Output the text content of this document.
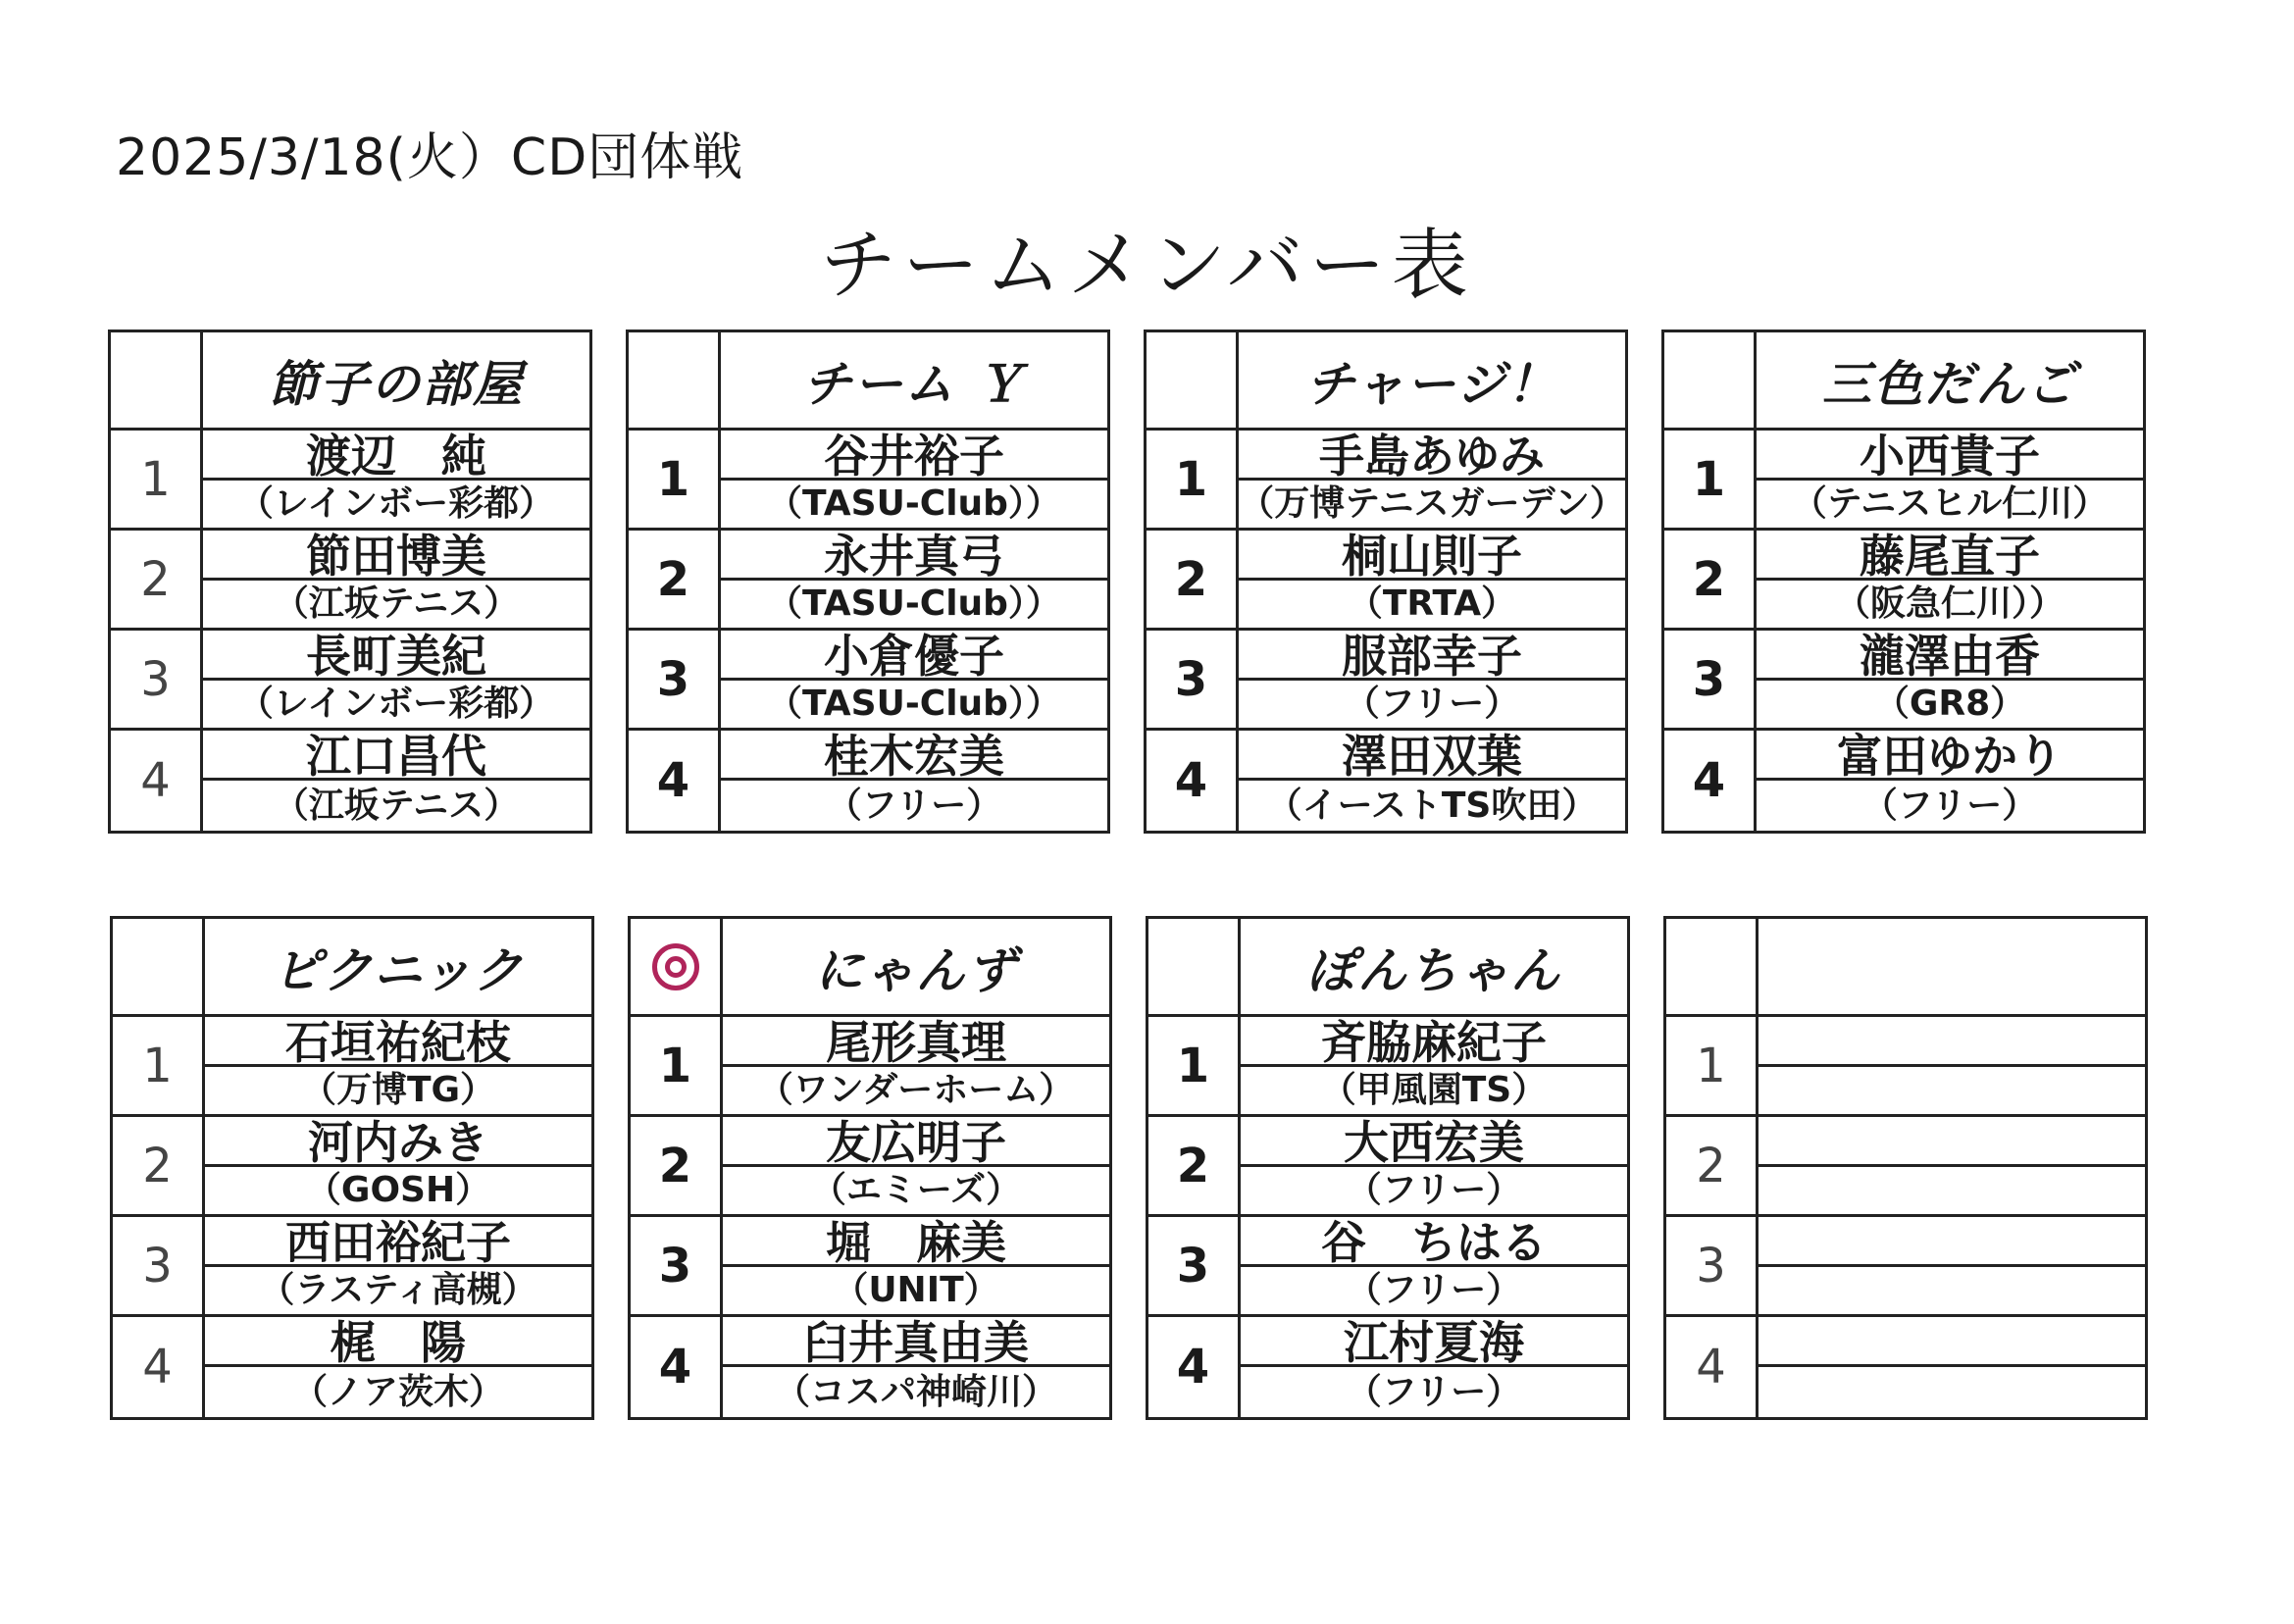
2025/3/18(火）CD団体戦
チームメンバー表
節子の部屋
1	渡辺　純
（レインボー彩都）
2	節田博美
（江坂テニス）
3	長町美紀
（レインボー彩都）
4	江口昌代
（江坂テニス）
チーム Ｙ
1	谷井裕子
（TASU-Club））
2	永井真弓
（TASU-Club））
3	小倉優子
（TASU-Club））
4	桂木宏美
（フリー）
チャージ！
1	手島あゆみ
（万博テニスガーデン）
2	桐山則子
（TRTA）
3	服部幸子
（フリー）
4	澤田双葉
（イーストTS吹田）
三色だんご
1	小西貴子
（テニスヒル仁川）
2	藤尾直子
（阪急仁川））
3	瀧澤由香
（GR8）
4	富田ゆかり
（フリー）
ピクニック
1	石垣祐紀枝
（万博TG）
2	河内みき
（GOSH）
3	西田裕紀子
（ラスティ高槻）
4	梶　陽
（ノア茨木）
にゃんず
1	尾形真理
（ワンダーホーム）
2	友広明子
（エミーズ）
3	堀　麻美
（UNIT）
4	臼井真由美
（コスパ神崎川）
ぽんちゃん
1	斉脇麻紀子
（甲風園TS）
2	大西宏美
（フリー）
3	谷　ちはる
（フリー）
4	江村夏海
（フリー）
1
2
3
4
